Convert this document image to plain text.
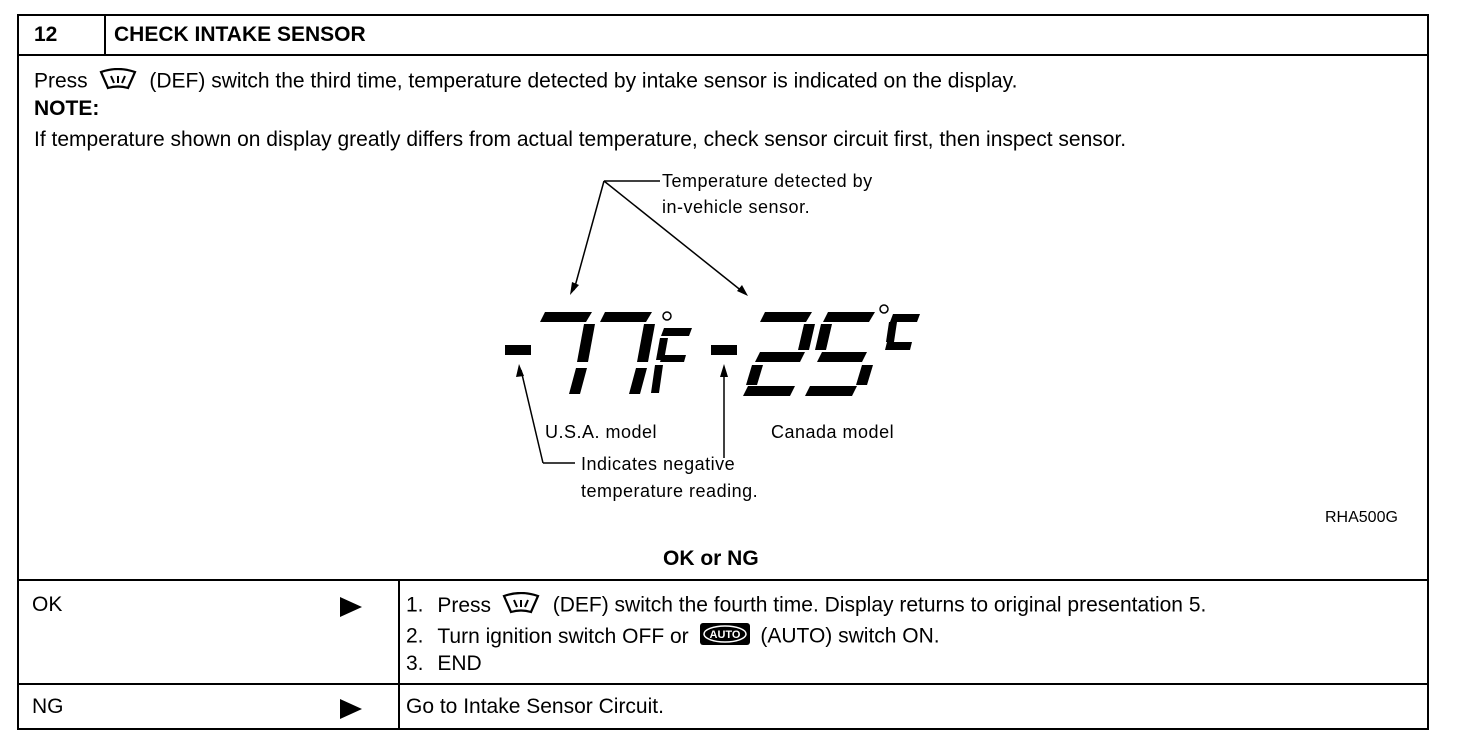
12	CHECK INTAKE SENSOR
Press	(DEF) switch the third time, temperature detected by intake sensor is indicated on the display.
NOTE:
If temperature shown on display greatly differs from actual temperature, check sensor circuit first, then inspect sensor.
Temperature detected by
in-vehicle sensor.
U.S.A. model	Canada model
Indicates negative
temperature reading.
RHA500G
OK or NG
OK	1. Press	(DEF) switch the fourth time. Display returns to original presentation 5.
2. Turn ignition switch OFF or AUTO (AUTO) switch ON.
3. END
NG	Go to Intake Sensor Circuit.
